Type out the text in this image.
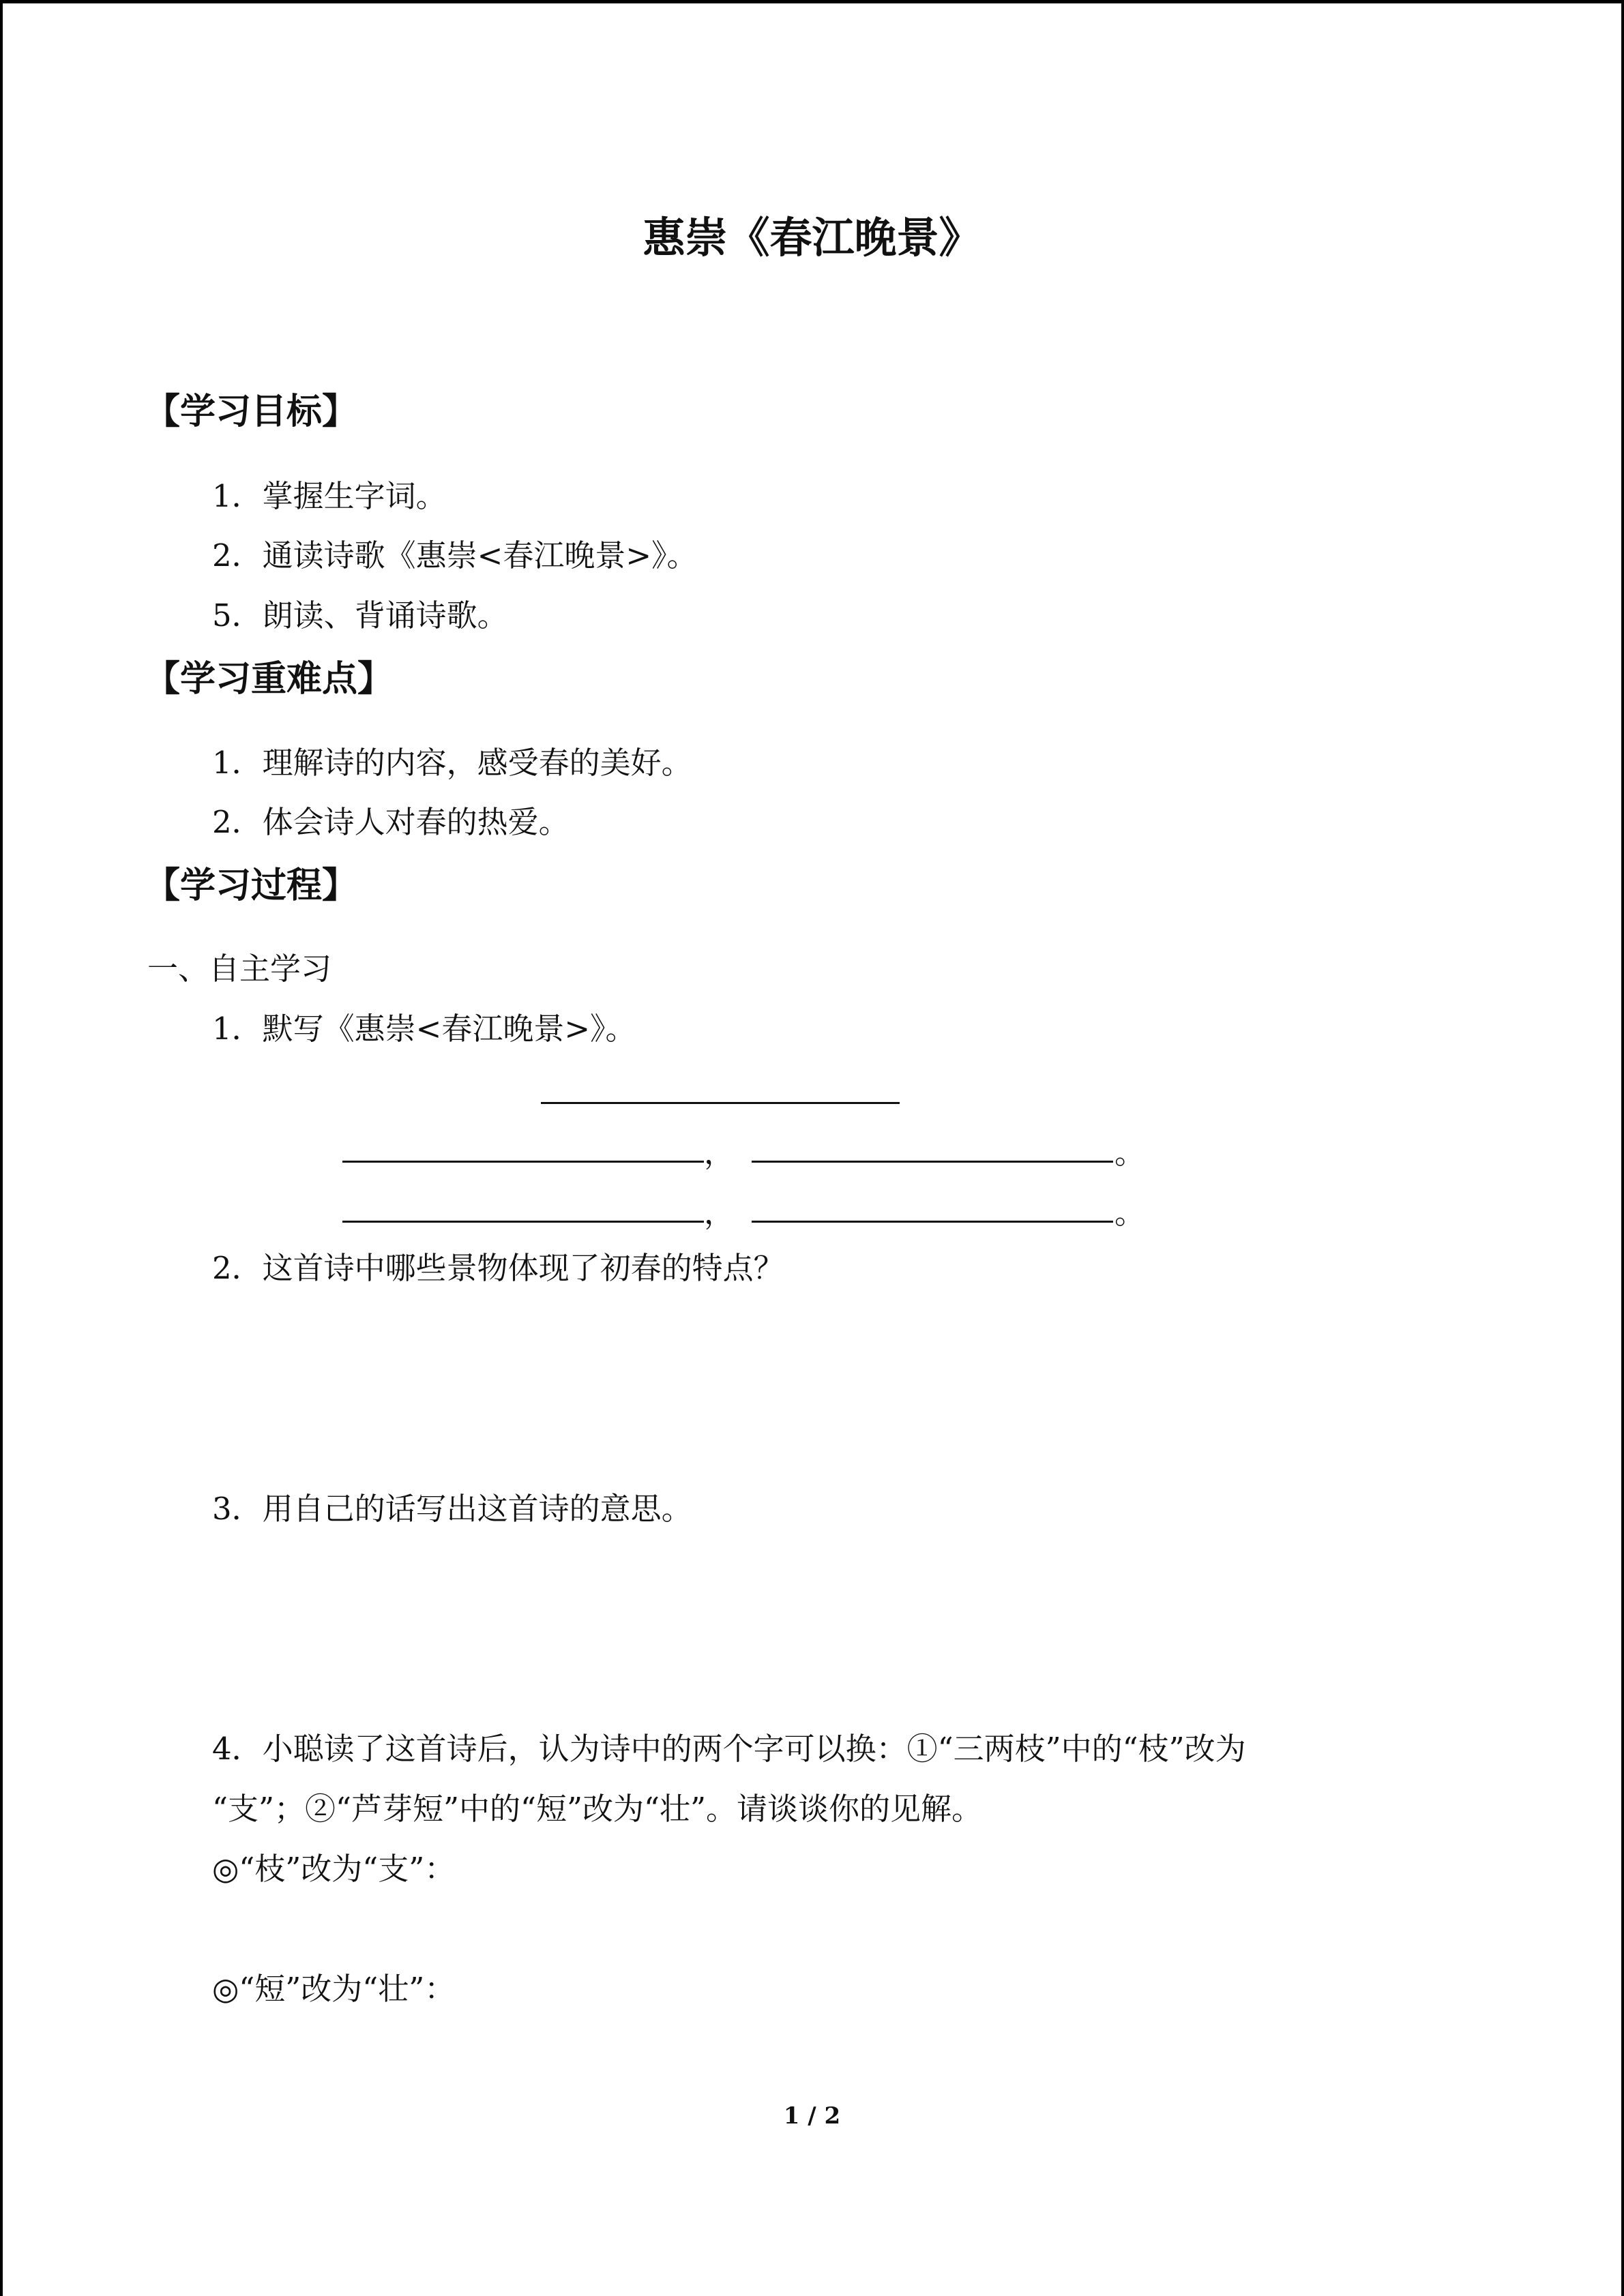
惠崇《春江晚景》
【学习目标】
1．掌握生字词。
2．通读诗歌《惠崇<春江晚景>》。
5．朗读、背诵诗歌。
【学习重难点】
1．理解诗的内容，感受春的美好。
2．体会诗人对春的热爱。
【学习过程】
一、自主学习
1．默写《惠崇<春江晚景>》。
，	。
，	。
2．这首诗中哪些景物体现了初春的特点？
3．用自己的话写出这首诗的意思。
4．小聪读了这首诗后，认为诗中的两个字可以换：①“三两枝”中的“枝”改为
“支”；②“芦芽短”中的“短”改为“壮”。请谈谈你的见解。
◎“枝”改为“支”：
◎“短”改为“壮”：
1 / 2
